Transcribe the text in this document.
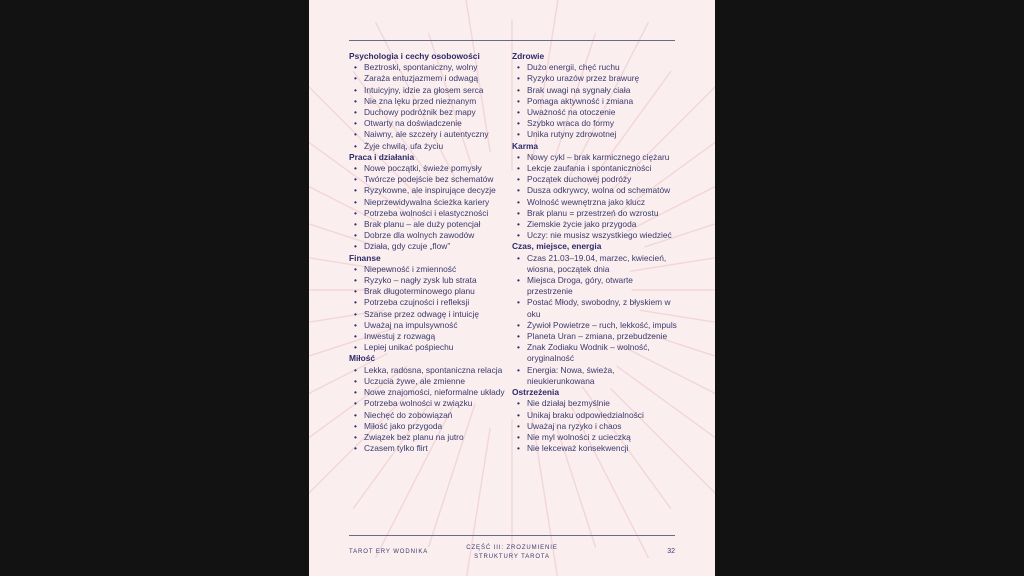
Psychologia i cechy osobowości
• Beztroski, spontaniczny, wolny
• Zaraża entuzjazmem i odwagą
• Intuicyjny, idzie za głosem serca
• Nie zna lęku przed nieznanym
• Duchowy podróżnik bez mapy
• Otwarty na doświadczenie
• Naiwny, ale szczery i autentyczny
• Żyje chwilą, ufa życiu
Praca i działania
• Nowe początki, świeże pomysły
• Twórcze podejście bez schematów
• Ryzykowne, ale inspirujące decyzje
• Nieprzewidywalna ścieżka kariery
• Potrzeba wolności i elastyczności
• Brak planu – ale duży potencjał
• Dobrze dla wolnych zawodów
• Działa, gdy czuje „flow”
Finanse
• Niepewność i zmienność
• Ryzyko – nagły zysk lub strata
• Brak długoterminowego planu
• Potrzeba czujności i refleksji
• Szanse przez odwagę i intuicję
• Uważaj na impulsywność
• Inwestuj z rozwagą
• Lepiej unikać pośpiechu
Miłość
• Lekka, radosna, spontaniczna relacja
• Uczucia żywe, ale zmienne
• Nowe znajomości, nieformalne układy
• Potrzeba wolności w związku
• Niechęć do zobowiązań
• Miłość jako przygoda
• Związek bez planu na jutro
• Czasem tylko flirt
Zdrowie
• Dużo energii, chęć ruchu
• Ryzyko urazów przez brawurę
• Brak uwagi na sygnały ciała
• Pomaga aktywność i zmiana
• Uważność na otoczenie
• Szybko wraca do formy
• Unika rutyny zdrowotnej
Karma
• Nowy cykl – brak karmicznego ciężaru
• Lekcje zaufania i spontaniczności
• Początek duchowej podróży
• Dusza odkrywcy, wolna od schematów
• Wolność wewnętrzna jako klucz
• Brak planu = przestrzeń do wzrostu
• Ziemskie życie jako przygoda
• Uczy: nie musisz wszystkiego wiedzieć
Czas, miejsce, energia
• Czas 21.03–19.04, marzec, kwiecień, wiosna, początek dnia
• Miejsca Droga, góry, otwarte przestrzenie
• Postać Młody, swobodny, z błyskiem w oku
• Żywioł Powietrze – ruch, lekkość, impuls
• Planeta Uran – zmiana, przebudzenie
• Znak Zodiaku Wodnik – wolność, oryginalność
• Energia: Nowa, świeża, nieukierunkowana
Ostrzeżenia
• Nie działaj bezmyślnie
• Unikaj braku odpowiedzialności
• Uważaj na ryzyko i chaos
• Nie myl wolności z ucieczką
• Nie lekceważ konsekwencji
TAROT ERY WODNIKA
CZĘŚĆ III: ZROZUMIENIE
STRUKTURY TAROTA
32
